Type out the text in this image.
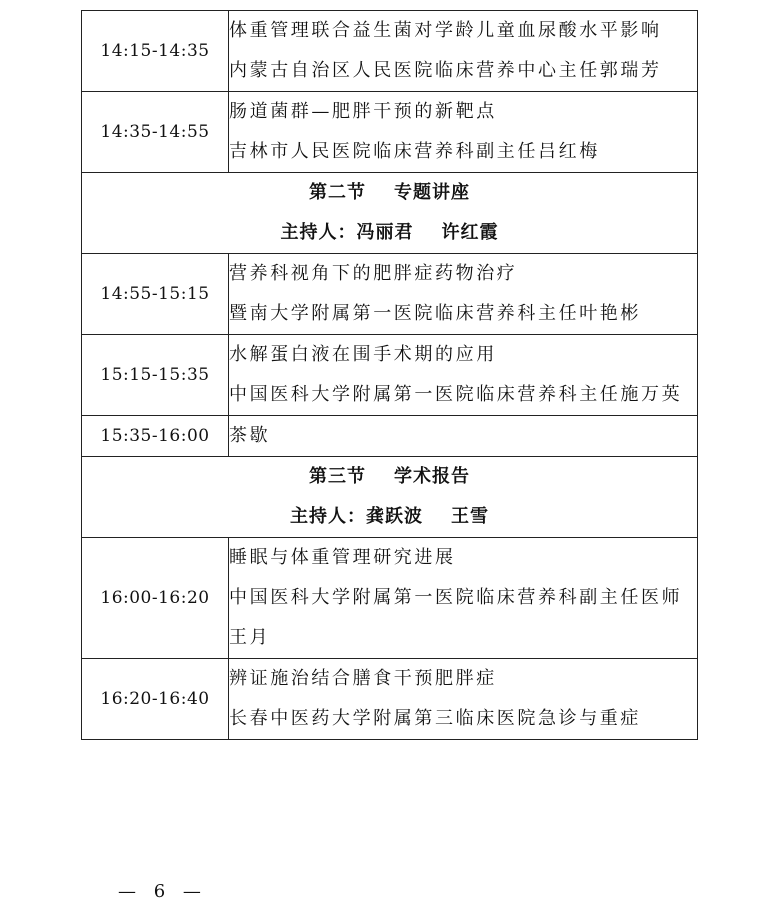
14:15-14:35	体重管理联合益生菌对学龄儿童血尿酸水平影响
内蒙古自治区人民医院临床营养中心主任郭瑞芳

14:35-14:55	肠道菌群—肥胖干预的新靶点
吉林市人民医院临床营养科副主任吕红梅

第二节 专题讲座
主持人：冯丽君 许红霞	

14:55-15:15	营养科视角下的肥胖症药物治疗
暨南大学附属第一医院临床营养科主任叶艳彬

15:15-15:35	水解蛋白液在围手术期的应用
中国医科大学附属第一医院临床营养科主任施万英

15:35-16:00	茶歇

第三节 学术报告
主持人：龚跃波 王雪	

16:00-16:20	睡眠与体重管理研究进展
中国医科大学附属第一医院临床营养科副主任医师王月

16:20-16:40	辨证施治结合膳食干预肥胖症
长春中医药大学附属第三临床医院急诊与重症
— 6 —
